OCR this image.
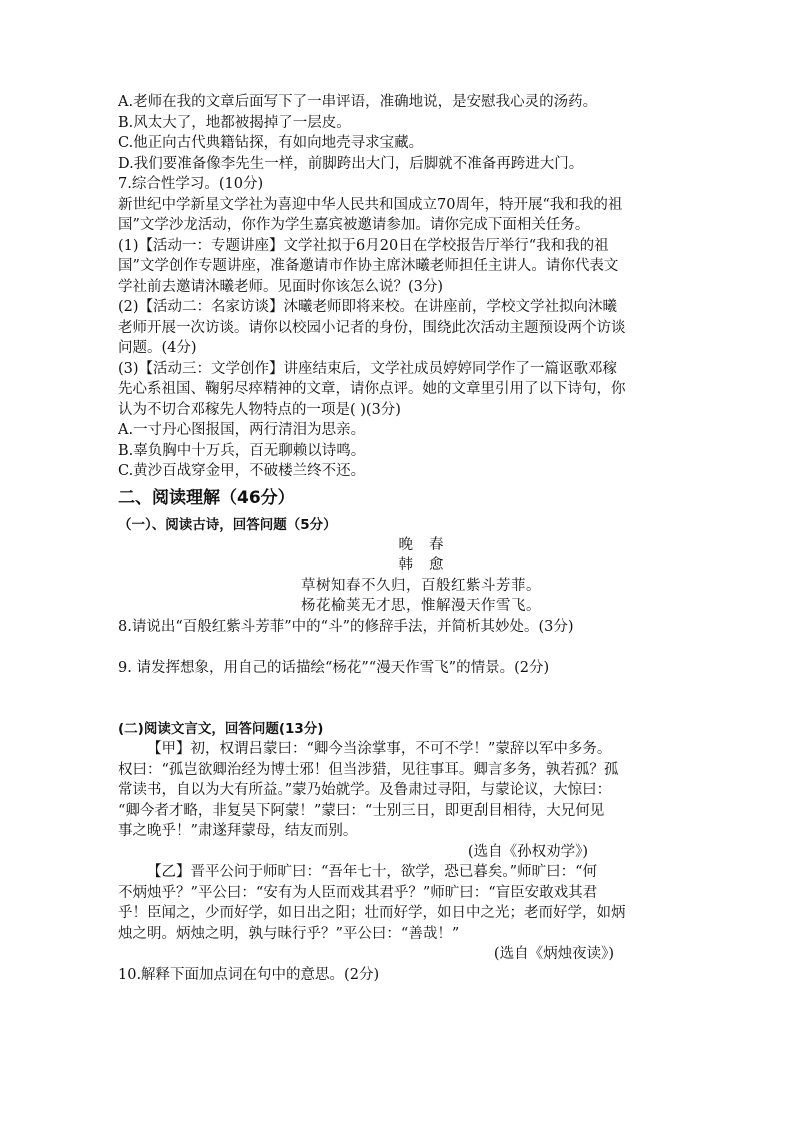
A.老师在我的文章后面写下了一串评语，准确地说，是安慰我心灵的汤药。
B.风太大了，地都被揭掉了一层皮。
C.他正向古代典籍钻探，有如向地壳寻求宝藏。
D.我们要准备像李先生一样，前脚跨出大门，后脚就不准备再跨进大门。
7.综合性学习。(10分)
新世纪中学新星文学社为喜迎中华人民共和国成立70周年，特开展“我和我的祖
国”文学沙龙活动，你作为学生嘉宾被邀请参加。请你完成下面相关任务。
(1)【活动一：专题讲座】文学社拟于6月20日在学校报告厅举行“我和我的祖
国”文学创作专题讲座，准备邀请市作协主席沐曦老师担任主讲人。请你代表文
学社前去邀请沐曦老师。见面时你该怎么说？(3分)
(2)【活动二：名家访谈】沐曦老师即将来校。在讲座前，学校文学社拟向沐曦
老师开展一次访谈。请你以校园小记者的身份，围绕此次活动主题预设两个访谈
问题。(4分)
(3)【活动三：文学创作】讲座结束后，文学社成员婷婷同学作了一篇讴歌邓稼
先心系祖国、鞠躬尽瘁精神的文章，请你点评。她的文章里引用了以下诗句，你
认为不切合邓稼先人物特点的一项是( )(3分)
A.一寸丹心图报国，两行清泪为思亲。
B.辜负胸中十万兵，百无聊赖以诗鸣。
C.黄沙百战穿金甲，不破楼兰终不还。
二、阅读理解（46分）
（一）、阅读古诗，回答问题（5分）
晚春
韩愈
草树知春不久归，百般红紫斗芳菲。
杨花榆荚无才思，惟解漫天作雪飞。
8.请说出“百般红紫斗芳菲”中的“斗”的修辞手法，并简析其妙处。(3分)
9. 请发挥想象，用自己的话描绘“杨花”“漫天作雪飞”的情景。(2分)
(二)阅读文言文，回答问题(13分)
【甲】初，权谓吕蒙曰：“卿今当涂掌事，不可不学！”蒙辞以军中多务。
权曰：“孤岂欲卿治经为博士邪！但当涉猎，见往事耳。卿言多务，孰若孤？孤
常读书，自以为大有所益。”蒙乃始就学。及鲁肃过寻阳，与蒙论议，大惊曰：
“卿今者才略，非复吴下阿蒙！”蒙曰：“士别三日，即更刮目相待，大兄何见
事之晚乎！”肃遂拜蒙母，结友而别。
(选自《孙权劝学》)
【乙】晋平公问于师旷曰：“吾年七十，欲学，恐已暮矣。”师旷曰：“何
不炳烛乎？”平公曰：“安有为人臣而戏其君乎？”师旷曰：“盲臣安敢戏其君
乎！臣闻之，少而好学，如日出之阳；壮而好学，如日中之光；老而好学，如炳
烛之明。炳烛之明，孰与昧行乎？”平公曰：“善哉！”
(选自《炳烛夜读》)
10.解释下面加点词在句中的意思。(2分)
